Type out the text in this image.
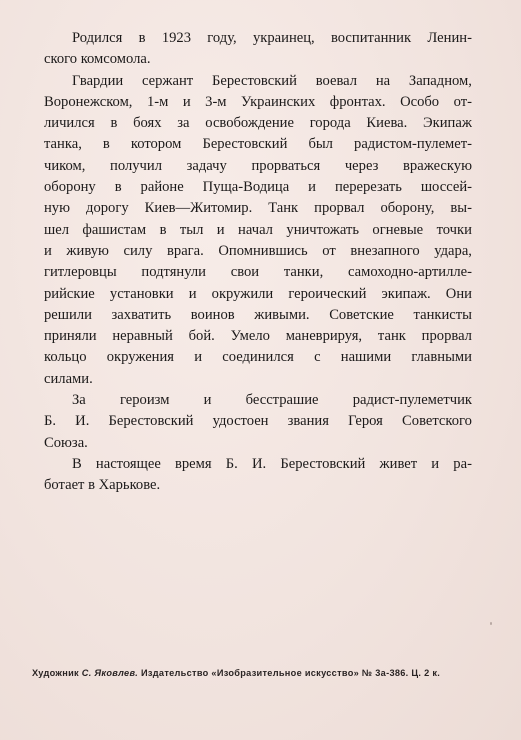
Родился в 1923 году, украинец, воспитанник Ленин-
ского комсомола.

Гвардии сержант Берестовский воевал на Западном,
Воронежском, 1-м и 3-м Украинских фронтах. Особо от-
личился в боях за освобождение города Киева. Экипаж
танка, в котором Берестовский был радистом-пулемет-
чиком, получил задачу прорваться через вражескую
оборону в районе Пуща-Водица и перерезать шоссей-
ную дорогу Киев—Житомир. Танк прорвал оборону, вы-
шел фашистам в тыл и начал уничтожать огневые точки
и живую силу врага. Опомнившись от внезапного удара,
гитлеровцы подтянули свои танки, самоходно-артилле-
рийские установки и окружили героический экипаж. Они
решили захватить воинов живыми. Советские танкисты
приняли неравный бой. Умело маневрируя, танк прорвал
кольцо окружения и соединился с нашими главными
силами.

За героизм и бесстрашие радист-пулеметчик
Б. И. Берестовский удостоен звания Героя Советского
Союза.

В настоящее время Б. И. Берестовский живет и ра-
ботает в Харькове.

Художник С. Яковлев. Издательство «Изобразительное искусство» № 3а-386. Ц. 2 к.
